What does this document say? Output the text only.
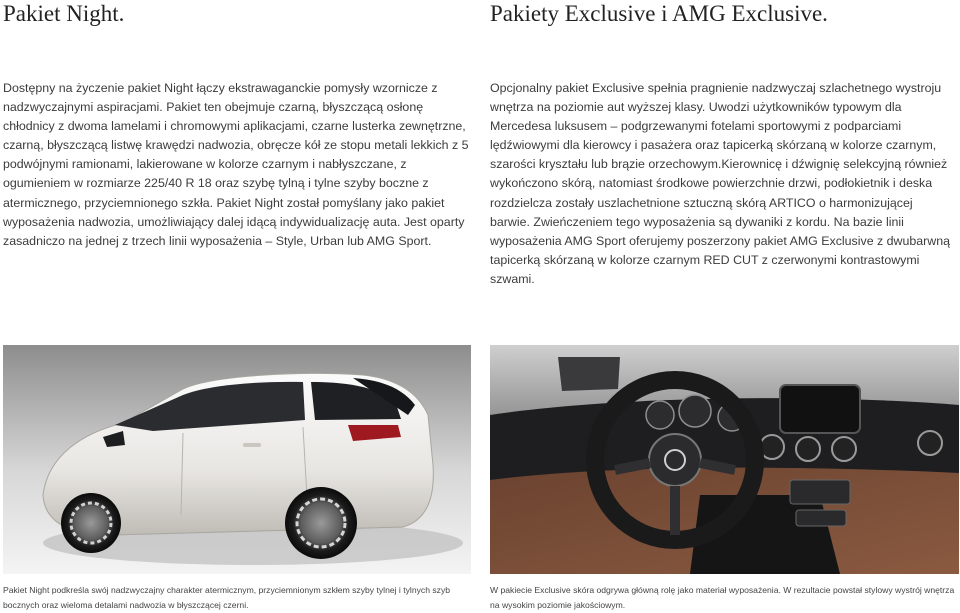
Pakiet Night.	Pakiety Exclusive i AMG Exclusive.

Dostępny na życzenie pakiet Night łączy ekstrawaganckie pomysły wzornicze z nadzwyczajnymi aspiracjami. Pakiet ten obejmuje czarną, błyszczącą osłonę chłodnicy z dwoma lamelami i chromowymi aplikacjami, czarne lusterka zewnętrzne, czarną, błyszczącą listwę krawędzi nadwozia, obręcze kół ze stopu metali lekkich z 5 podwójnymi ramionami, lakierowane w kolorze czarnym i nabłyszczane, z ogumieniem w rozmiarze 225/40 R 18 oraz szybę tylną i tylne szyby boczne z atermicznego, przyciemnionego szkła. Pakiet Night został pomyślany jako pakiet wyposażenia nadwozia, umożliwiający dalej idącą indywidualizację auta. Jest oparty zasadniczo na jednej z trzech linii wyposażenia – Style, Urban lub AMG Sport.

Opcjonalny pakiet Exclusive spełnia pragnienie nadzwyczaj szlachetnego wystroju wnętrza na poziomie aut wyższej klasy. Uwodzi użytkowników typowym dla Mercedesa luksusem – podgrzewanymi fotelami sportowymi z podparciami lędźwiowymi dla kierowcy i pasażera oraz tapicerką skórzaną w kolorze czarnym, szarości kryształu lub brązie orzechowym.Kierownicę i dźwignię selekcyjną również wykończono skórą, natomiast środkowe powierzchnie drzwi, podłokietnik i deska rozdzielcza zostały uszlachetnione sztuczną skórą ARTICO o harmonizującej barwie. Zwieńczeniem tego wyposażenia są dywaniki z kordu. Na bazie linii wyposażenia AMG Sport oferujemy poszerzony pakiet AMG Exclusive z dwubarwną tapicerką skórzaną w kolorze czarnym RED CUT z czerwonymi kontrastowymi szwami.

Pakiet Night podkreśla swój nadzwyczajny charakter atermicznym, przyciemnionym szkłem szyby tylnej i tylnych szyb bocznych oraz wieloma detalami nadwozia w błyszczącej czerni.
W pakiecie Exclusive skóra odgrywa główną rolę jako materiał wyposażenia. W rezultacie powstał stylowy wystrój wnętrza na wysokim poziomie jakościowym.
